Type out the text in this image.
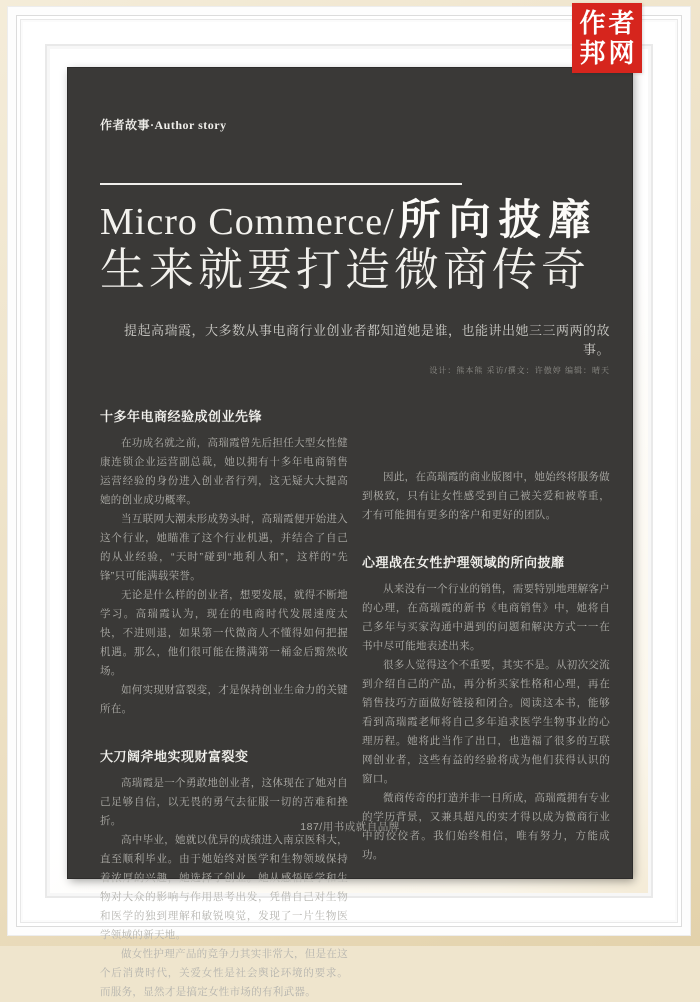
作者故事·Author story
Micro Commerce/所向披靡
生来就要打造微商传奇
提起高瑞霞，大多数从事电商行业创业者都知道她是谁，也能讲出她三三两两的故事。
设计：熊本熊 采访/撰文：许傲婷 编辑：晴天
十多年电商经验成创业先锋

在功成名就之前，高瑞霞曾先后担任大型女性健康连锁企业运营副总裁，她以拥有十多年电商销售运营经验的身份进入创业者行列，这无疑大大提高她的创业成功概率。

当互联网大潮未形成势头时，高瑞霞便开始进入这个行业，她瞄准了这个行业机遇，并结合了自己的从业经验，“天时”碰到“地利人和”，这样的“先锋”只可能满载荣誉。

无论是什么样的创业者，想要发展，就得不断地学习。高瑞霞认为，现在的电商时代发展速度太快，不进则退，如果第一代微商人不懂得如何把握机遇。那么，他们很可能在攒满第一桶金后黯然收场。

如何实现财富裂变，才是保持创业生命力的关键所在。

大刀阔斧地实现财富裂变

高瑞霞是一个勇敢地创业者，这体现在了她对自己足够自信，以无畏的勇气去征服一切的苦难和挫折。

高中毕业，她就以优异的成绩进入南京医科大，直至顺利毕业。由于她始终对医学和生物领域保持着浓厚的兴趣，她选择了创业。她从感悟医学和生物对大众的影响与作用思考出发，凭借自己对生物和医学的独到理解和敏锐嗅觉，发现了一片生物医学领域的新天地。

做女性护理产品的竞争力其实非常大，但是在这个后消费时代，关爱女性是社会舆论环境的要求。而服务，显然才是搞定女性市场的有利武器。

因此，在高瑞霞的商业版图中，她始终将服务做到极致，只有让女性感受到自己被关爱和被尊重，才有可能拥有更多的客户和更好的团队。

心理战在女性护理领域的所向披靡

从来没有一个行业的销售，需要特别地理解客户的心理，在高瑞霞的新书《电商销售》中，她将自己多年与买家沟通中遇到的问题和解决方式一一在书中尽可能地表述出来。

很多人觉得这个不重要，其实不是。从初次交流到介绍自己的产品，再分析买家性格和心理，再在销售技巧方面做好链接和闭合。阅读这本书，能够看到高瑞霞老师将自己多年追求医学生物事业的心理历程。她将此当作了出口，也造福了很多的互联网创业者，这些有益的经验将成为他们获得认识的窗口。

微商传奇的打造并非一日所成，高瑞霞拥有专业的学历背景，又兼具超凡的实才得以成为微商行业中的佼佼者。我们始终相信，唯有努力，方能成功。

187/用书成就自品牌
作者
邦网
